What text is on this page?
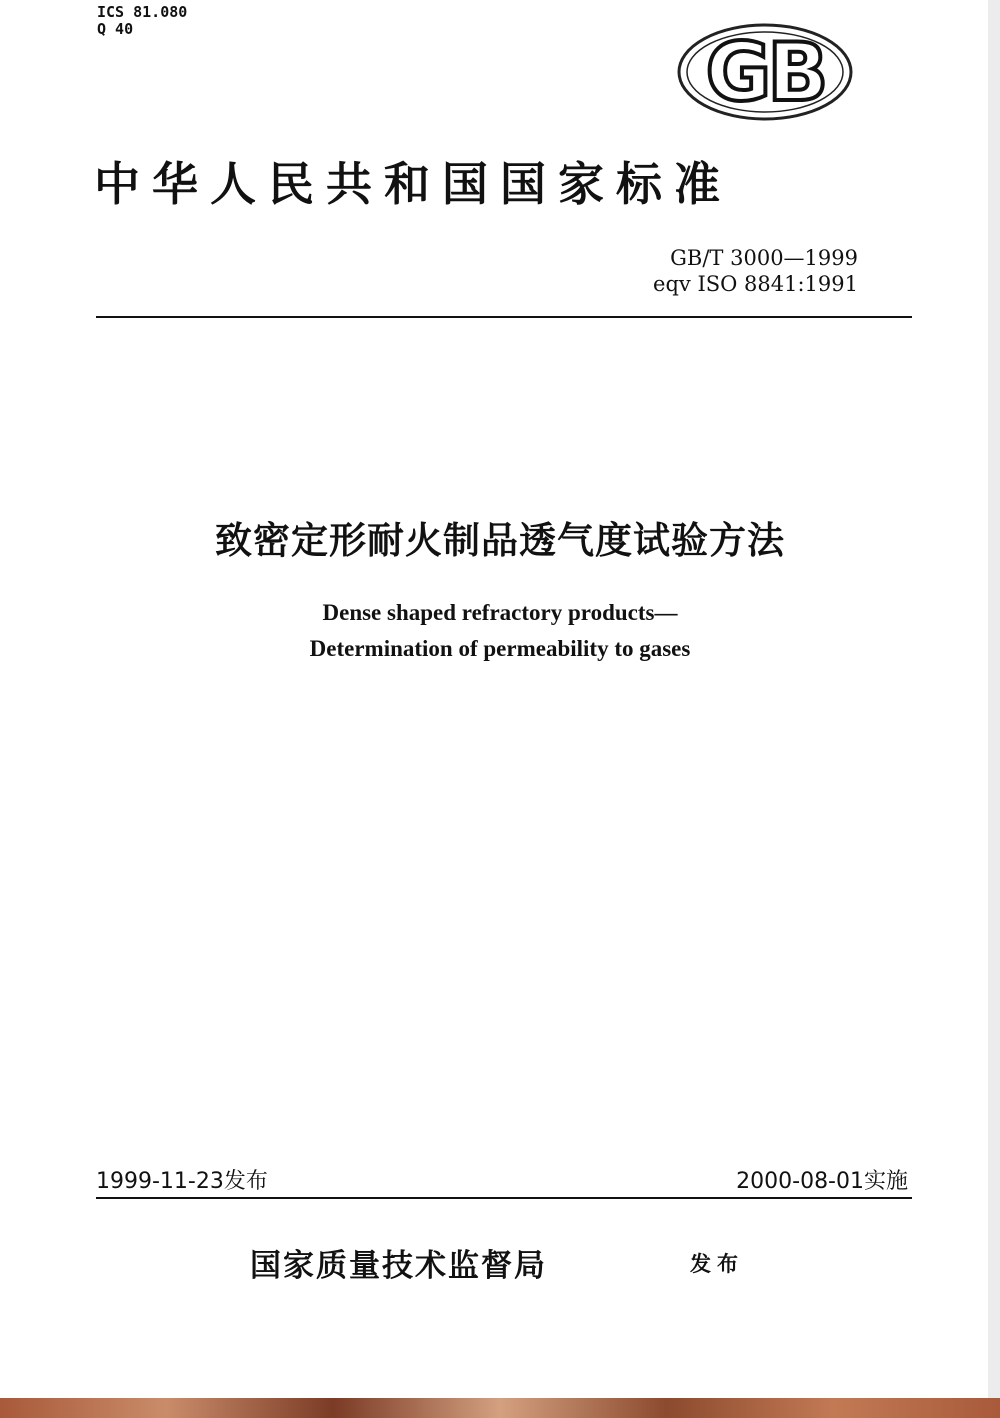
ICS 81.080
Q 40	GB
中华人民共和国国家标准
GB/T 3000—1999
eqv ISO 8841:1991
致密定形耐火制品透气度试验方法
Dense shaped refractory products—
Determination of permeability to gases
1999-11-23发布	2000-08-01实施
国家质量技术监督局	发布
